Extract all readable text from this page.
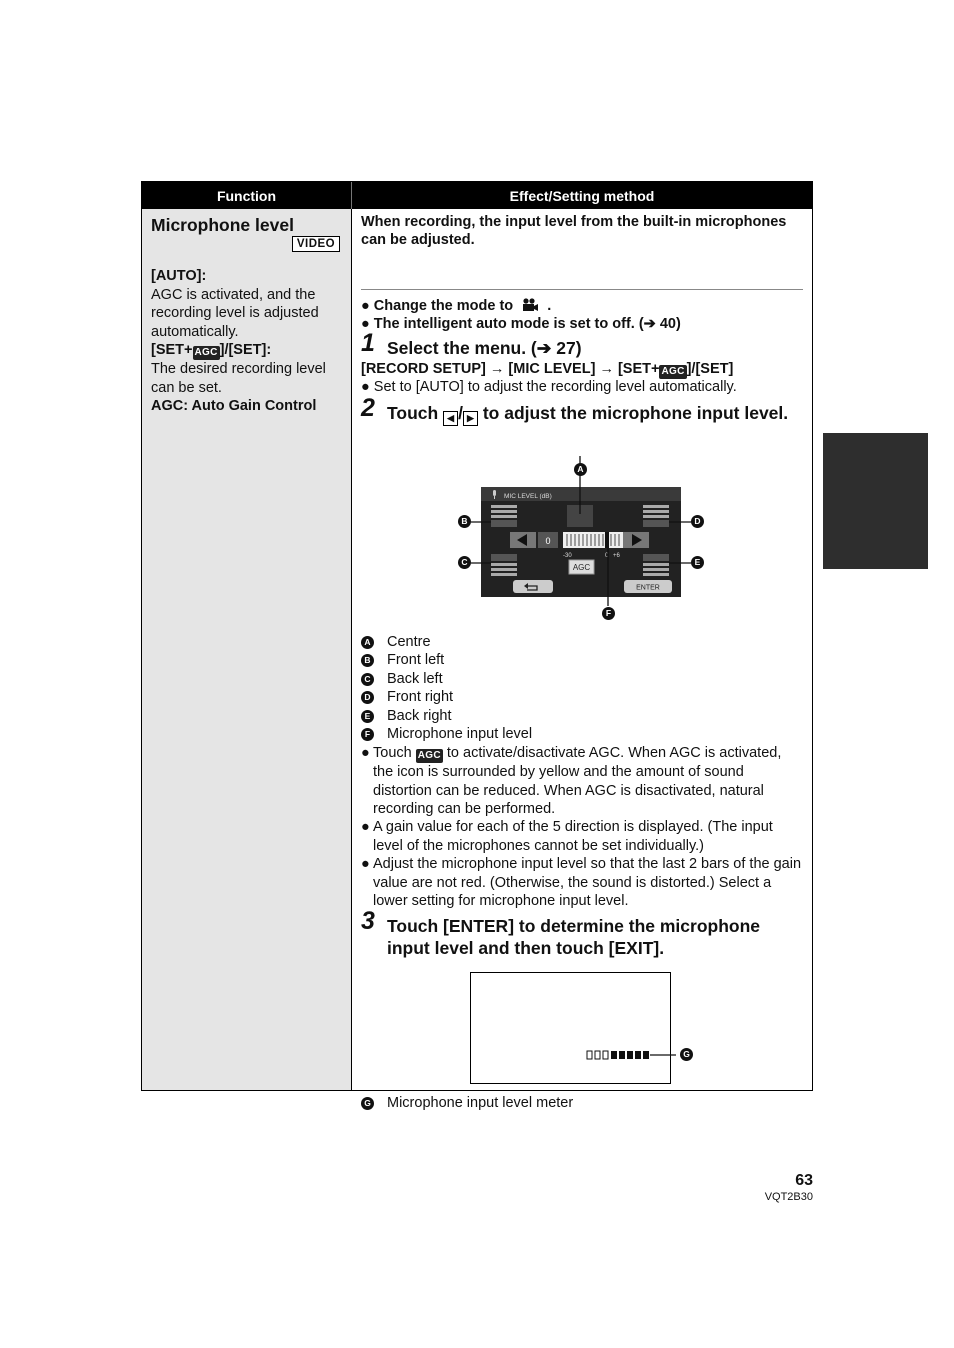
Function	Effect/Setting method
Microphone level
VIDEO
[AUTO]:
AGC is activated, and the recording level is adjusted automatically.
[SET+ AGC ]/[SET]:
The desired recording level can be set.
AGC: Auto Gain Control
When recording, the input level from the built-in microphones can be adjusted.
● Change the mode to .
● The intelligent auto mode is set to off. (➔ 40)
1 Select the menu. (➔ 27)
[RECORD SETUP] → [MIC LEVEL] → [SET+ AGC ]/[SET]
● Set to [AUTO] to adjust the recording level automatically.
2 Touch ◀ / ▶ to adjust the microphone input level.
MIC LEVEL (dB)
0
-30	0 +6
AGC
ENTER
A
B
C
D
E
F
A Centre
B Front left
C Back left
D Front right
E Back right
F Microphone input level
● Touch AGC to activate/disactivate AGC. When AGC is activated, the icon is surrounded by yellow and the amount of sound distortion can be reduced. When AGC is disactivated, natural recording can be performed.
● A gain value for each of the 5 direction is displayed. (The input level of the microphones cannot be set individually.)
● Adjust the microphone input level so that the last 2 bars of the gain value are not red. (Otherwise, the sound is distorted.) Select a lower setting for microphone input level.
3 Touch [ENTER] to determine the microphone input level and then touch [EXIT].
G
G Microphone input level meter
63
VQT2B30
